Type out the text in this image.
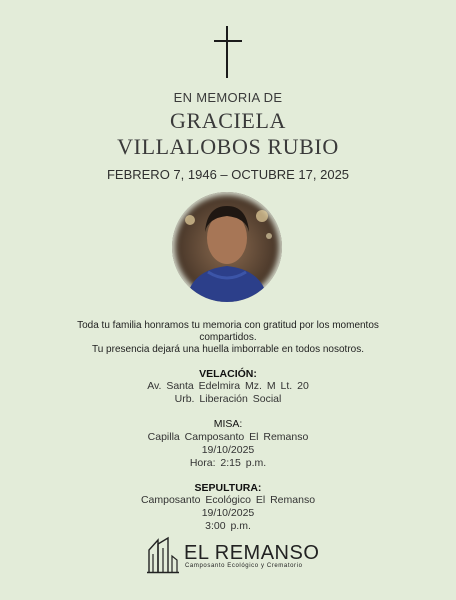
EN MEMORIA DE
GRACIELA
VILLALOBOS RUBIO
FEBRERO 7, 1946 – OCTUBRE 17, 2025
Toda tu familia honramos tu memoria con gratitud por los momentos
compartidos.
Tu presencia dejará una huella imborrable en todos nosotros.
VELACIÓN:
Av. Santa Edelmira Mz. M Lt. 20
Urb. Liberación Social
MISA:
Capilla Camposanto El Remanso
19/10/2025
Hora: 2:15 p.m.
SEPULTURA:
Camposanto Ecológico El Remanso
19/10/2025
3:00 p.m.
EL REMANSO
Camposanto Ecológico y Crematorio
